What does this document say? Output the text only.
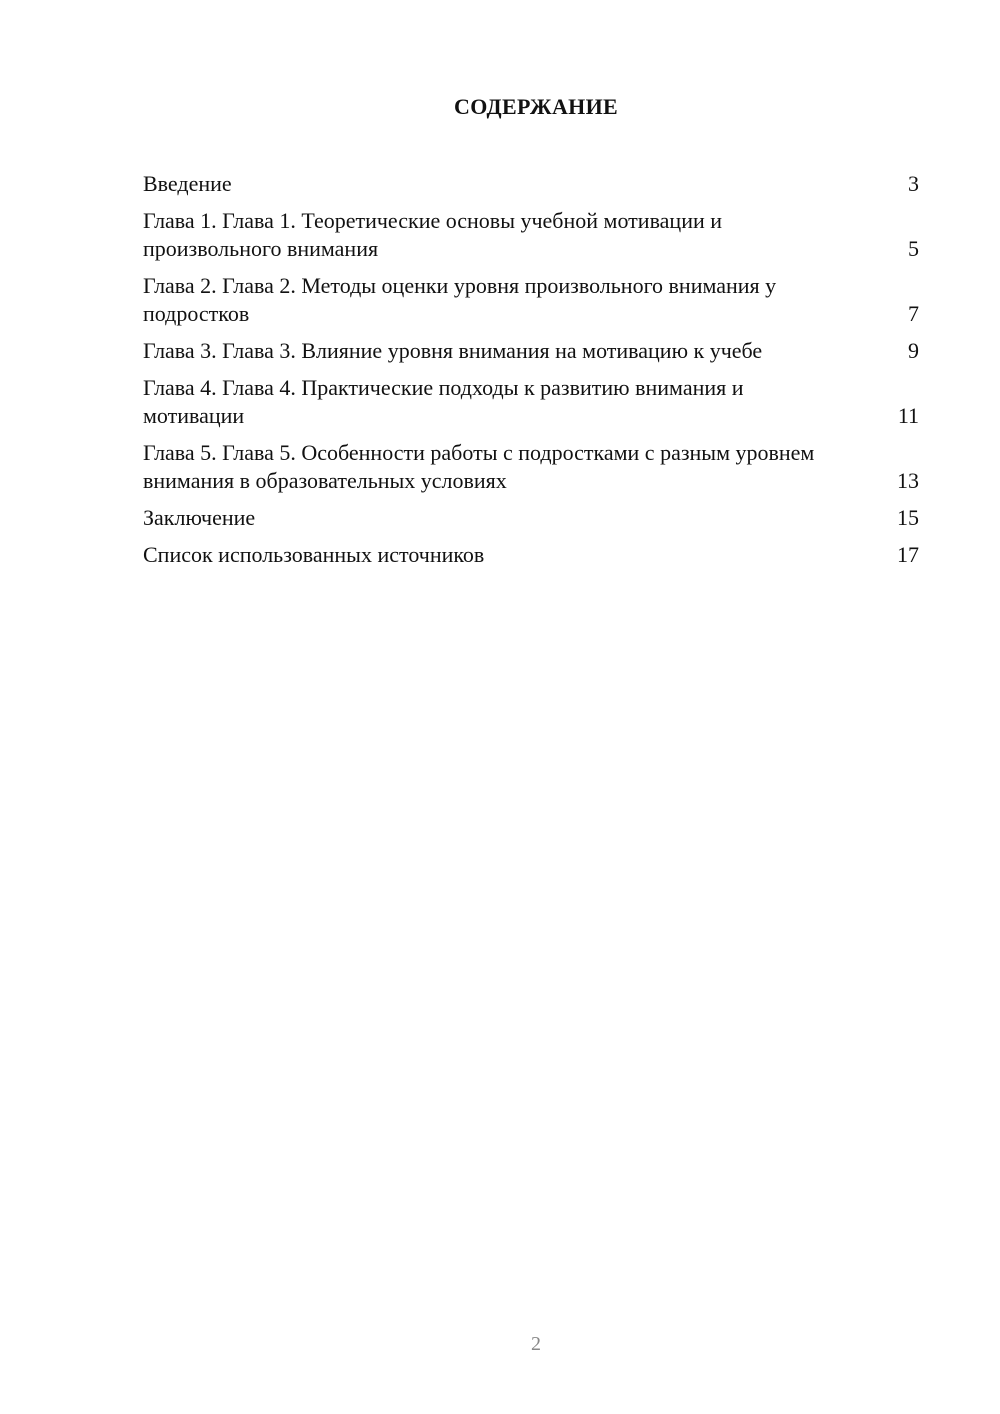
СОДЕРЖАНИЕ
Введение	3
Глава 1. Глава 1. Теоретические основы учебной мотивации и произвольного внимания	5
Глава 2. Глава 2. Методы оценки уровня произвольного внимания у подростков	7
Глава 3. Глава 3. Влияние уровня внимания на мотивацию к учебе	9
Глава 4. Глава 4. Практические подходы к развитию внимания и мотивации	11
Глава 5. Глава 5. Особенности работы с подростками с разным уровнем внимания в образовательных условиях	13
Заключение	15
Список использованных источников	17
2
